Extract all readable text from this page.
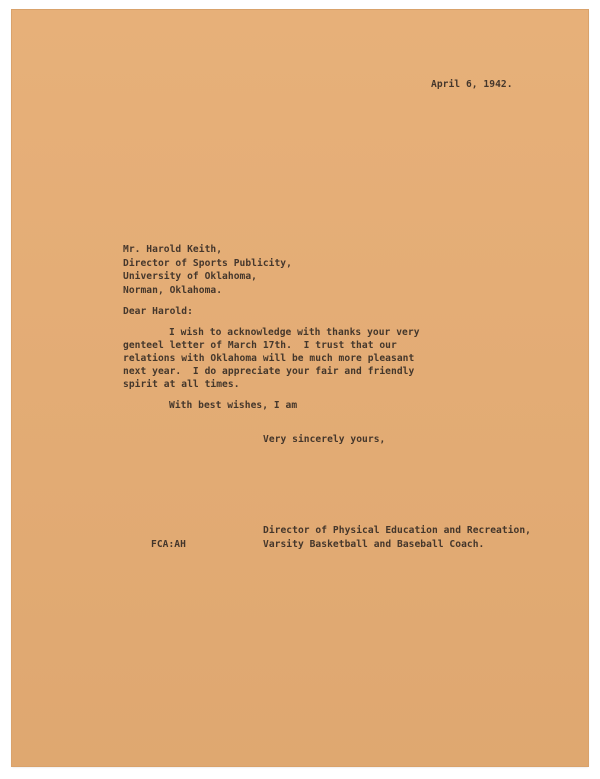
April 6, 1942.
Mr. Harold Keith,
Director of Sports Publicity,
University of Oklahoma,
Norman, Oklahoma.
Dear Harold:
I wish to acknowledge with thanks your very
genteel letter of March 17th.  I trust that our
relations with Oklahoma will be much more pleasant
next year.  I do appreciate your fair and friendly
spirit at all times.
With best wishes, I am
Very sincerely yours,
Director of Physical Education and Recreation,
FCA:AH	Varsity Basketball and Baseball Coach.
